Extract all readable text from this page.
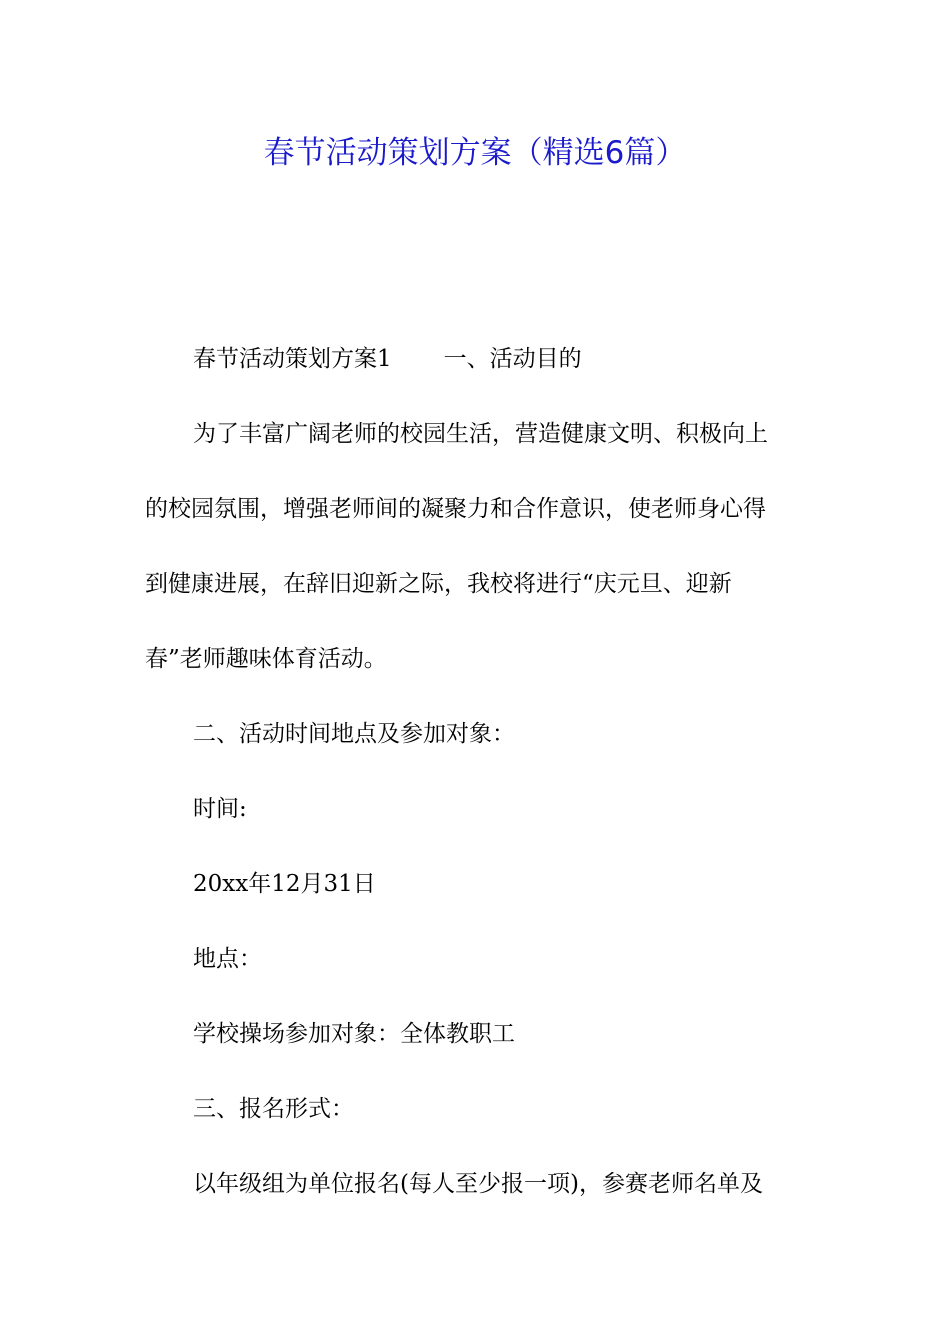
春节活动策划方案（精选6篇）
春节活动策划方案1 一、活动目的
为了丰富广阔老师的校园生活，营造健康文明、积极向上
的校园氛围，增强老师间的凝聚力和合作意识，使老师身心得
到健康进展，在辞旧迎新之际，我校将进行“庆元旦、迎新
春”老师趣味体育活动。
二、活动时间地点及参加对象：
时间:
20xx年12月31日
地点：
学校操场参加对象：全体教职工
三、报名形式：
以年级组为单位报名(每人至少报一项)，参赛老师名单及
